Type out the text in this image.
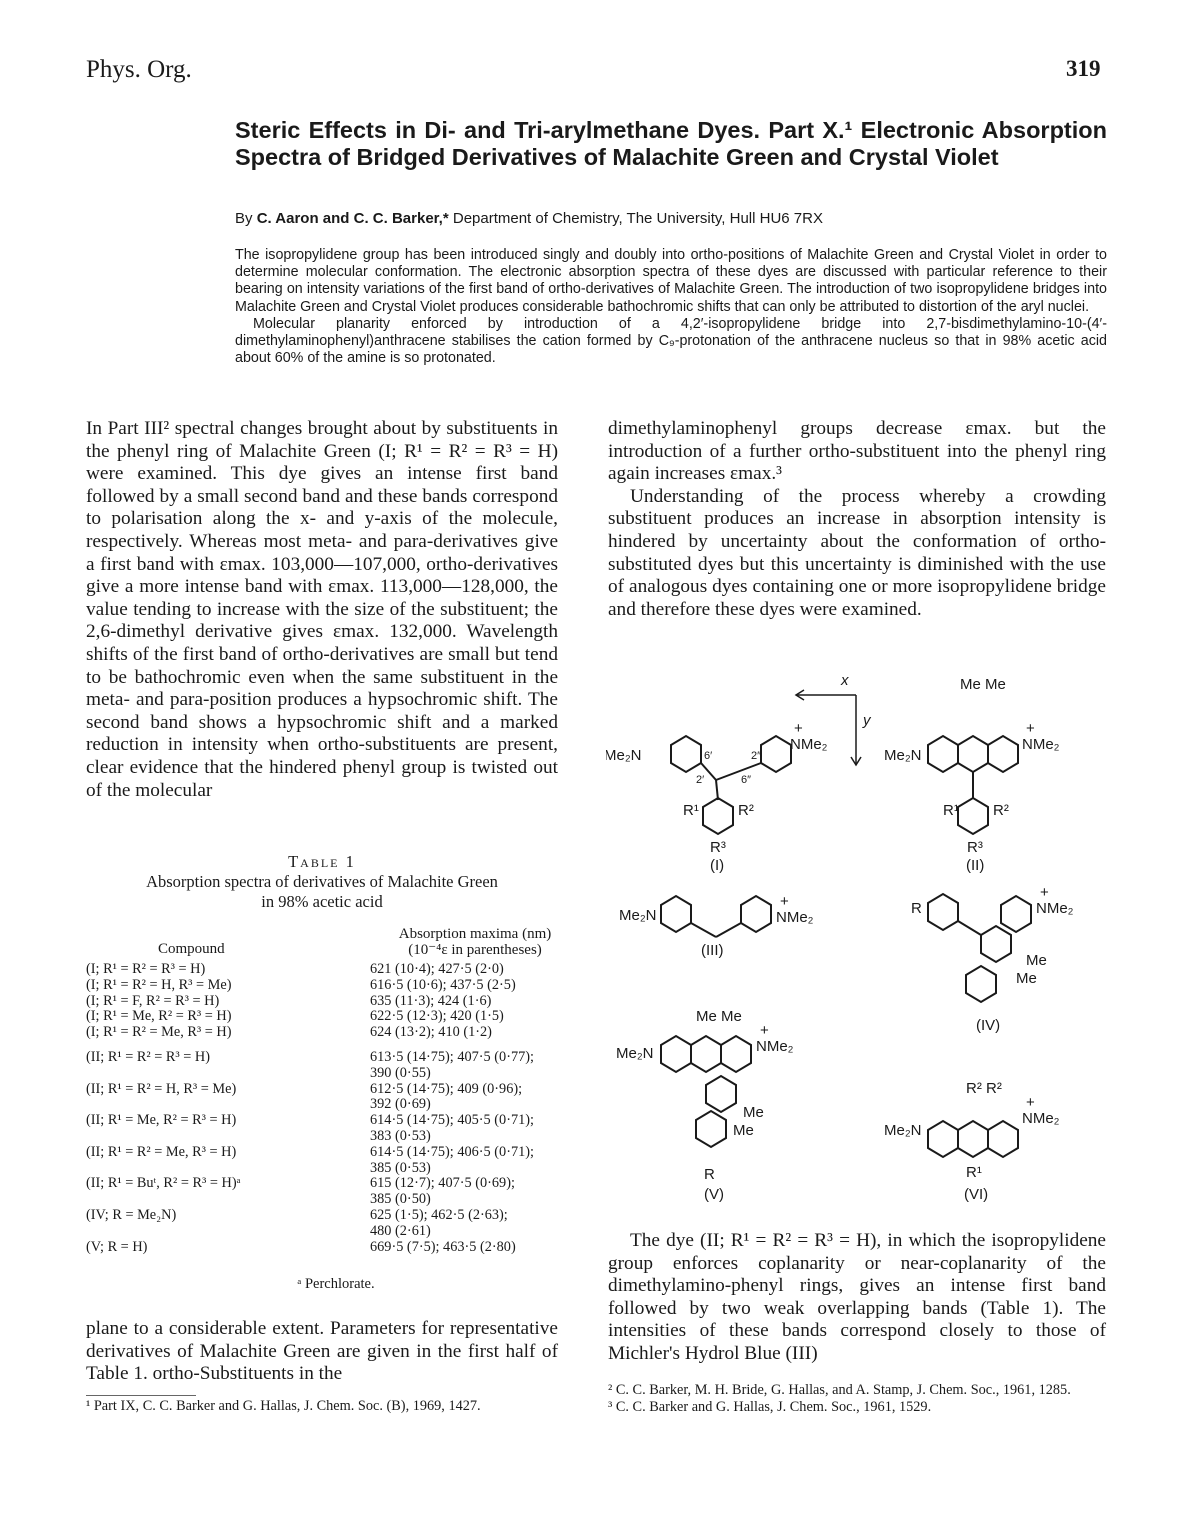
Phys. Org.	319
Steric Effects in Di- and Tri-arylmethane Dyes. Part X.¹ Electronic Absorption Spectra of Bridged Derivatives of Malachite Green and Crystal Violet
By C. Aaron and C. C. Barker,* Department of Chemistry, The University, Hull HU6 7RX

The isopropylidene group has been introduced singly and doubly into ortho-positions of Malachite Green and Crystal Violet in order to determine molecular conformation. The electronic absorption spectra of these dyes are discussed with particular reference to their bearing on intensity variations of the first band of ortho-derivatives of Malachite Green. The introduction of two isopropylidene bridges into Malachite Green and Crystal Violet produces considerable bathochromic shifts that can only be attributed to distortion of the aryl nuclei.

Molecular planarity enforced by introduction of a 4,2′-isopropylidene bridge into 2,7-bisdimethylamino-10-(4′-dimethylaminophenyl)anthracene stabilises the cation formed by C₉-protonation of the anthracene nucleus so that in 98% acetic acid about 60% of the amine is so protonated.

In Part III² spectral changes brought about by substituents in the phenyl ring of Malachite Green (I; R¹ = R² = R³ = H) were examined. This dye gives an intense first band followed by a small second band and these bands correspond to polarisation along the x- and y-axis of the molecule, respectively. Whereas most meta- and para-derivatives give a first band with εmax. 103,000—107,000, ortho-derivatives give a more intense band with εmax. 113,000—128,000, the value tending to increase with the size of the substituent; the 2,6-dimethyl derivative gives εmax. 132,000. Wavelength shifts of the first band of ortho-derivatives are small but tend to be bathochromic even when the same substituent in the meta- and para-position produces a hypsochromic shift. The second band shows a hypsochromic shift and a marked reduction in intensity when ortho-substituents are present, clear evidence that the hindered phenyl group is twisted out of the molecular

Table 1
Absorption spectra of derivatives of Malachite Green
in 98% acetic acid
Absorption maxima (nm)
(10⁻⁴ε in parentheses)
Compound
(I; R¹ = R² = R³ = H)	621 (10·4); 427·5 (2·0)
(I; R¹ = R² = H, R³ = Me)	616·5 (10·6); 437·5 (2·5)
(I; R¹ = F, R² = R³ = H)	635 (11·3); 424 (1·6)
(I; R¹ = Me, R² = R³ = H)	622·5 (12·3); 420 (1·5)
(I; R¹ = R² = Me, R³ = H)	624 (13·2); 410 (1·2)
(II; R¹ = R² = R³ = H)	613·5 (14·75); 407·5 (0·77);
390 (0·55)
(II; R¹ = R² = H, R³ = Me)	612·5 (14·75); 409 (0·96);
392 (0·69)
(II; R¹ = Me, R² = R³ = H)	614·5 (14·75); 405·5 (0·71);
383 (0·53)
(II; R¹ = R² = Me, R³ = H)	614·5 (14·75); 406·5 (0·71);
385 (0·53)
(II; R¹ = Buᵗ, R² = R³ = H)ᵃ	615 (12·7); 407·5 (0·69);
385 (0·50)
(IV; R = Me₂N)	625 (1·5); 462·5 (2·63);
480 (2·61)
(V; R = H)	669·5 (7·5); 463·5 (2·80)
ᵃ Perchlorate.

plane to a considerable extent. Parameters for representative derivatives of Malachite Green are given in the first half of Table 1. ortho-Substituents in the

¹ Part IX, C. C. Barker and G. Hallas, J. Chem. Soc. (B), 1969, 1427.

dimethylaminophenyl groups decrease εmax. but the introduction of a further ortho-substituent into the phenyl ring again increases εmax.³

Understanding of the process whereby a crowding substituent produces an increase in absorption intensity is hindered by uncertainty about the conformation of ortho-substituted dyes but this uncertainty is diminished with the use of analogous dyes containing one or more isopropylidene bridge and therefore these dyes were examined.

Me₂N
NMe₂
+
6′	2″
2′	6″
R¹	R²
R³
x
y
(I)
Me Me
Me₂N
NMe₂
+
R¹ R²
R³
(II)
Me₂N	NMe₂
+
(III)
R	NMe₂
+
Me
Me
(IV)
Me Me
Me₂N	NMe₂
+
Me
Me
R
(V)
R² R²
Me₂N
NMe₂
+
R¹
(VI)

The dye (II; R¹ = R² = R³ = H), in which the isopropylidene group enforces coplanarity or near-coplanarity of the dimethylamino-phenyl rings, gives an intense first band followed by two weak overlapping bands (Table 1). The intensities of these bands correspond closely to those of Michler's Hydrol Blue (III)

² C. C. Barker, M. H. Bride, G. Hallas, and A. Stamp, J. Chem. Soc., 1961, 1285.

³ C. C. Barker and G. Hallas, J. Chem. Soc., 1961, 1529.
